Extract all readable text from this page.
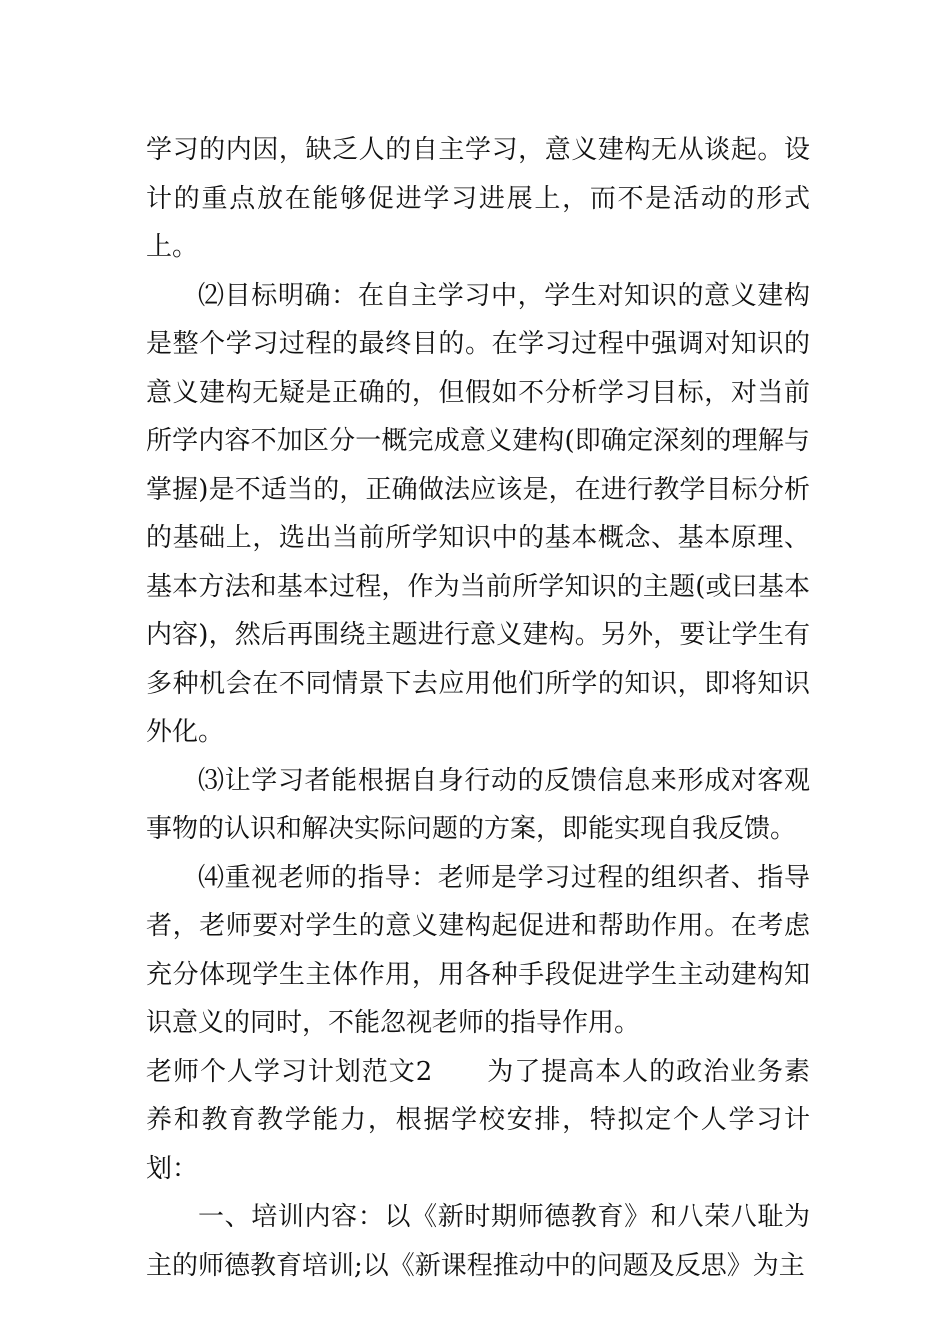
学习的内因，缺乏人的自主学习，意义建构无从谈起。设计的重点放在能够促进学习进展上，而不是活动的形式上。

⑵目标明确：在自主学习中，学生对知识的意义建构是整个学习过程的最终目的。在学习过程中强调对知识的意义建构无疑是正确的，但假如不分析学习目标，对当前所学内容不加区分一概完成意义建构(即确定深刻的理解与掌握)是不适当的，正确做法应该是，在进行教学目标分析的基础上，选出当前所学知识中的基本概念、基本原理、基本方法和基本过程，作为当前所学知识的主题(或曰基本内容)，然后再围绕主题进行意义建构。另外，要让学生有多种机会在不同情景下去应用他们所学的知识，即将知识外化。

⑶让学习者能根据自身行动的反馈信息来形成对客观事物的认识和解决实际问题的方案，即能实现自我反馈。

⑷重视老师的指导：老师是学习过程的组织者、指导者，老师要对学生的意义建构起促进和帮助作用。在考虑充分体现学生主体作用，用各种手段促进学生主动建构知识意义的同时，不能忽视老师的指导作用。

老师个人学习计划范文2　　为了提高本人的政治业务素养和教育教学能力，根据学校安排，特拟定个人学习计划：

一、培训内容：以《新时期师德教育》和八荣八耻为主的师德教育培训;以《新课程推动中的问题及反思》为主
